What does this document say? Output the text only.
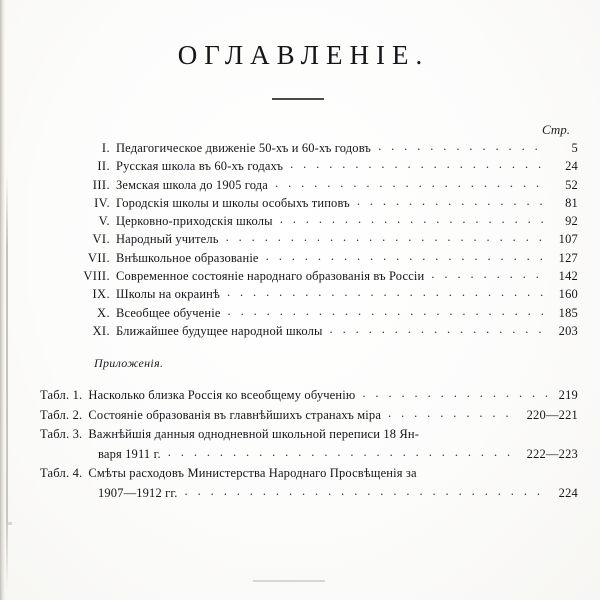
ОГЛАВЛЕНІЕ.
Стр.
I. Педагогическое движеніе 50-хъ и 60-хъ годовъ . . .	5
II. Русская школа въ 60-хъ годахъ . . .	24
III. Земская школа до 1905 года . . .	52
IV. Городскія школы и школы особыхъ типовъ . . .	81
V. Церковно-приходскія школы . . .	92
VI. Народный учитель . . .	107
VII. Внѣшкольное образованіе . . .	127
VIII. Современное состояніе народнаго образованія въ Россіи . . .	142
IX. Школы на окраинѣ . . .	160
X. Всеобщее обученіе . . .	185
XI. Ближайшее будущее народной школы . . .	203
Приложенія.
Табл. 1. Насколько близка Россія ко всеобщему обученію . . .	219
Табл. 2. Состояніе образованія въ главнѣйшихъ странахъ міра . . .	220—221
Табл. 3. Важнѣйшія данныя однодневной школьной переписи 18 Ян-
варя 1911 г. . . .	222—223
Табл. 4. Смѣты расходовъ Министерства Народнаго Просвѣщенія за
1907—1912 гг. . . .	224
